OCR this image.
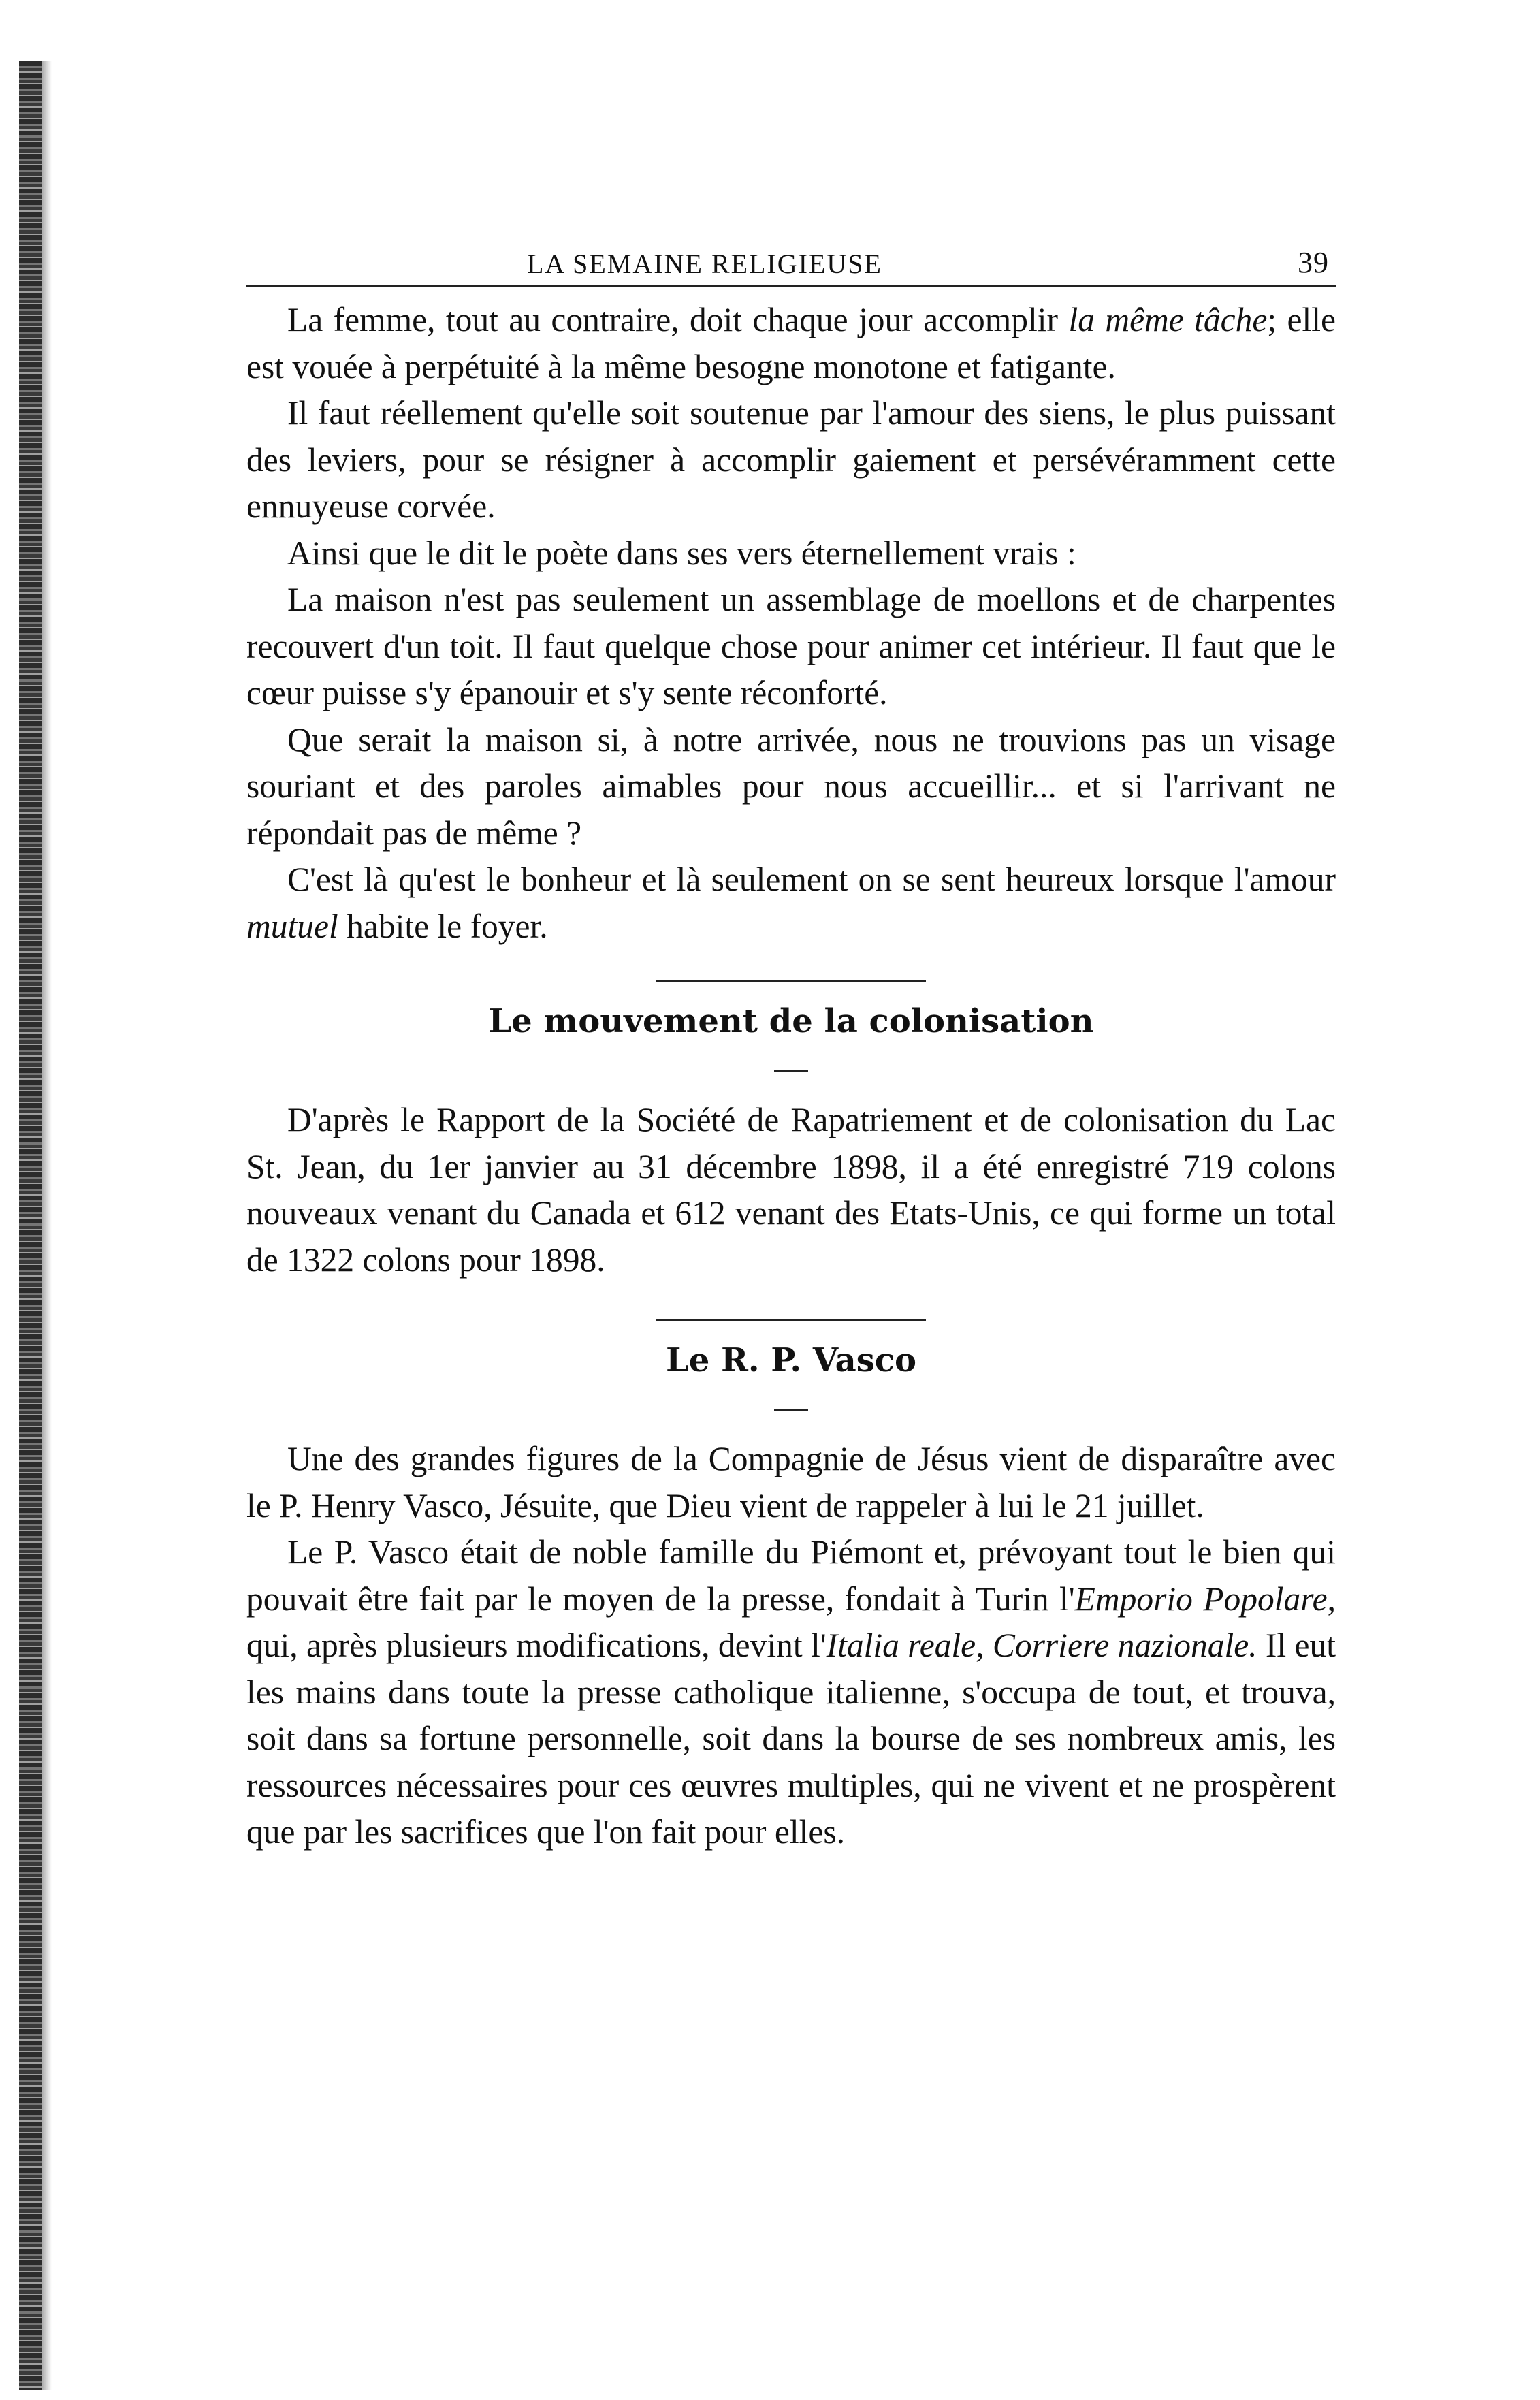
LA SEMAINE RELIGIEUSE	39

La femme, tout au contraire, doit chaque jour accomplir la même tâche; elle est vouée à perpétuité à la même besogne monotone et fatigante.

Il faut réellement qu'elle soit soutenue par l'amour des siens, le plus puissant des leviers, pour se résigner à accomplir gaiement et persévéramment cette ennuyeuse corvée.

Ainsi que le dit le poète dans ses vers éternellement vrais :

La maison n'est pas seulement un assemblage de moellons et de charpentes recouvert d'un toit. Il faut quelque chose pour animer cet intérieur. Il faut que le cœur puisse s'y épanouir et s'y sente réconforté.

Que serait la maison si, à notre arrivée, nous ne trouvions pas un visage souriant et des paroles aimables pour nous accueillir... et si l'arrivant ne répondait pas de même ?

C'est là qu'est le bonheur et là seulement on se sent heureux lorsque l'amour mutuel habite le foyer.

Le mouvement de la colonisation

D'après le Rapport de la Société de Rapatriement et de colonisation du Lac St. Jean, du 1er janvier au 31 décembre 1898, il a été enregistré 719 colons nouveaux venant du Canada et 612 venant des Etats-Unis, ce qui forme un total de 1322 colons pour 1898.

Le R. P. Vasco

Une des grandes figures de la Compagnie de Jésus vient de disparaître avec le P. Henry Vasco, Jésuite, que Dieu vient de rappeler à lui le 21 juillet.

Le P. Vasco était de noble famille du Piémont et, prévoyant tout le bien qui pouvait être fait par le moyen de la presse, fondait à Turin l'Emporio Popolare, qui, après plusieurs modifications, devint l'Italia reale, Corriere nazionale. Il eut les mains dans toute la presse catholique italienne, s'occupa de tout, et trouva, soit dans sa fortune personnelle, soit dans la bourse de ses nombreux amis, les ressources nécessaires pour ces œuvres multiples, qui ne vivent et ne prospèrent que par les sacrifices que l'on fait pour elles.
